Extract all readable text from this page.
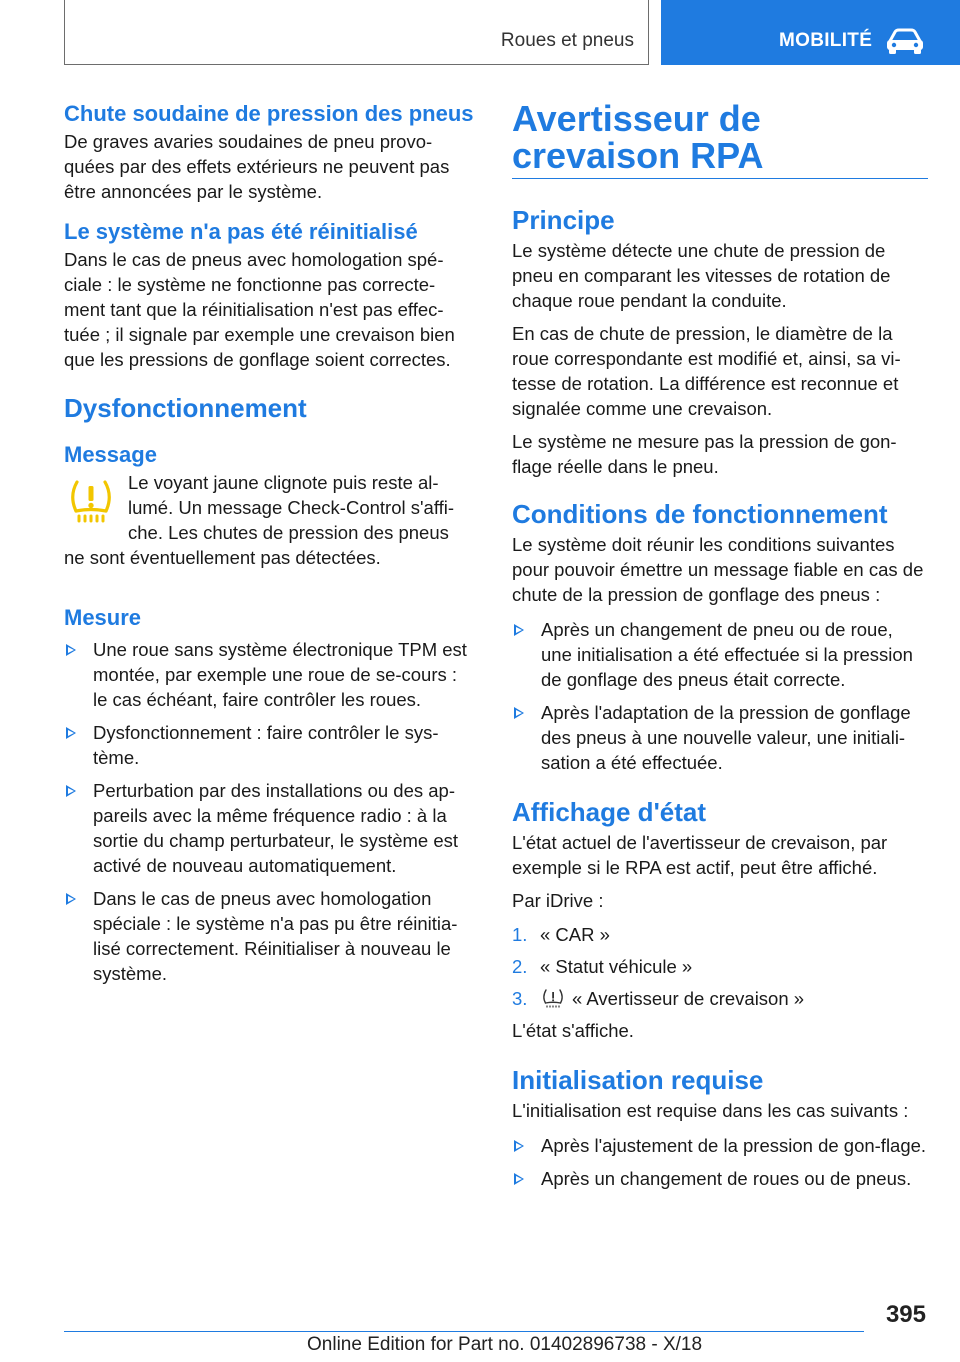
Roues et pneus	MOBILITÉ
Chute soudaine de pression des pneus

De graves avaries soudaines de pneu provo-quées par des effets extérieurs ne peuvent pas être annoncées par le système.

Le système n'a pas été réinitialisé

Dans le cas de pneus avec homologation spé-ciale : le système ne fonctionne pas correcte-ment tant que la réinitialisation n'est pas effec-tuée ; il signale par exemple une crevaison bien que les pressions de gonflage soient correctes.

Dysfonctionnement
Message

Le voyant jaune clignote puis reste al-

lumé. Un message Check-Control s'affi-

che. Les chutes de pression des pneus

ne sont éventuellement pas détectées.

Mesure
Une roue sans système électronique TPM est montée, par exemple une roue de se-cours : le cas échéant, faire contrôler les roues.
Dysfonctionnement : faire contrôler le sys-tème.
Perturbation par des installations ou des ap-pareils avec la même fréquence radio : à la sortie du champ perturbateur, le système est activé de nouveau automatiquement.
Dans le cas de pneus avec homologation spéciale : le système n'a pas pu être réinitia-lisé correctement. Réinitialiser à nouveau le système.
Avertisseur de crevaison RPA
Principe

Le système détecte une chute de pression de pneu en comparant les vitesses de rotation de chaque roue pendant la conduite.

En cas de chute de pression, le diamètre de la roue correspondante est modifié et, ainsi, sa vi-tesse de rotation. La différence est reconnue et signalée comme une crevaison.

Le système ne mesure pas la pression de gon-flage réelle dans le pneu.

Conditions de fonctionnement

Le système doit réunir les conditions suivantes pour pouvoir émettre un message fiable en cas de chute de la pression de gonflage des pneus :

Après un changement de pneu ou de roue, une initialisation a été effectuée si la pression de gonflage des pneus était correcte.
Après l'adaptation de la pression de gonflage des pneus à une nouvelle valeur, une initiali-sation a été effectuée.
Affichage d'état

L'état actuel de l'avertisseur de crevaison, par exemple si le RPA est actif, peut être affiché.

Par iDrive :

1. « CAR »
2. « Statut véhicule »
3. « Avertisseur de crevaison »

L'état s'affiche.

Initialisation requise

L'initialisation est requise dans les cas suivants :

Après l'ajustement de la pression de gon-flage.
Après un changement de roues ou de pneus.
395
Online Edition for Part no. 01402896738 - X/18
